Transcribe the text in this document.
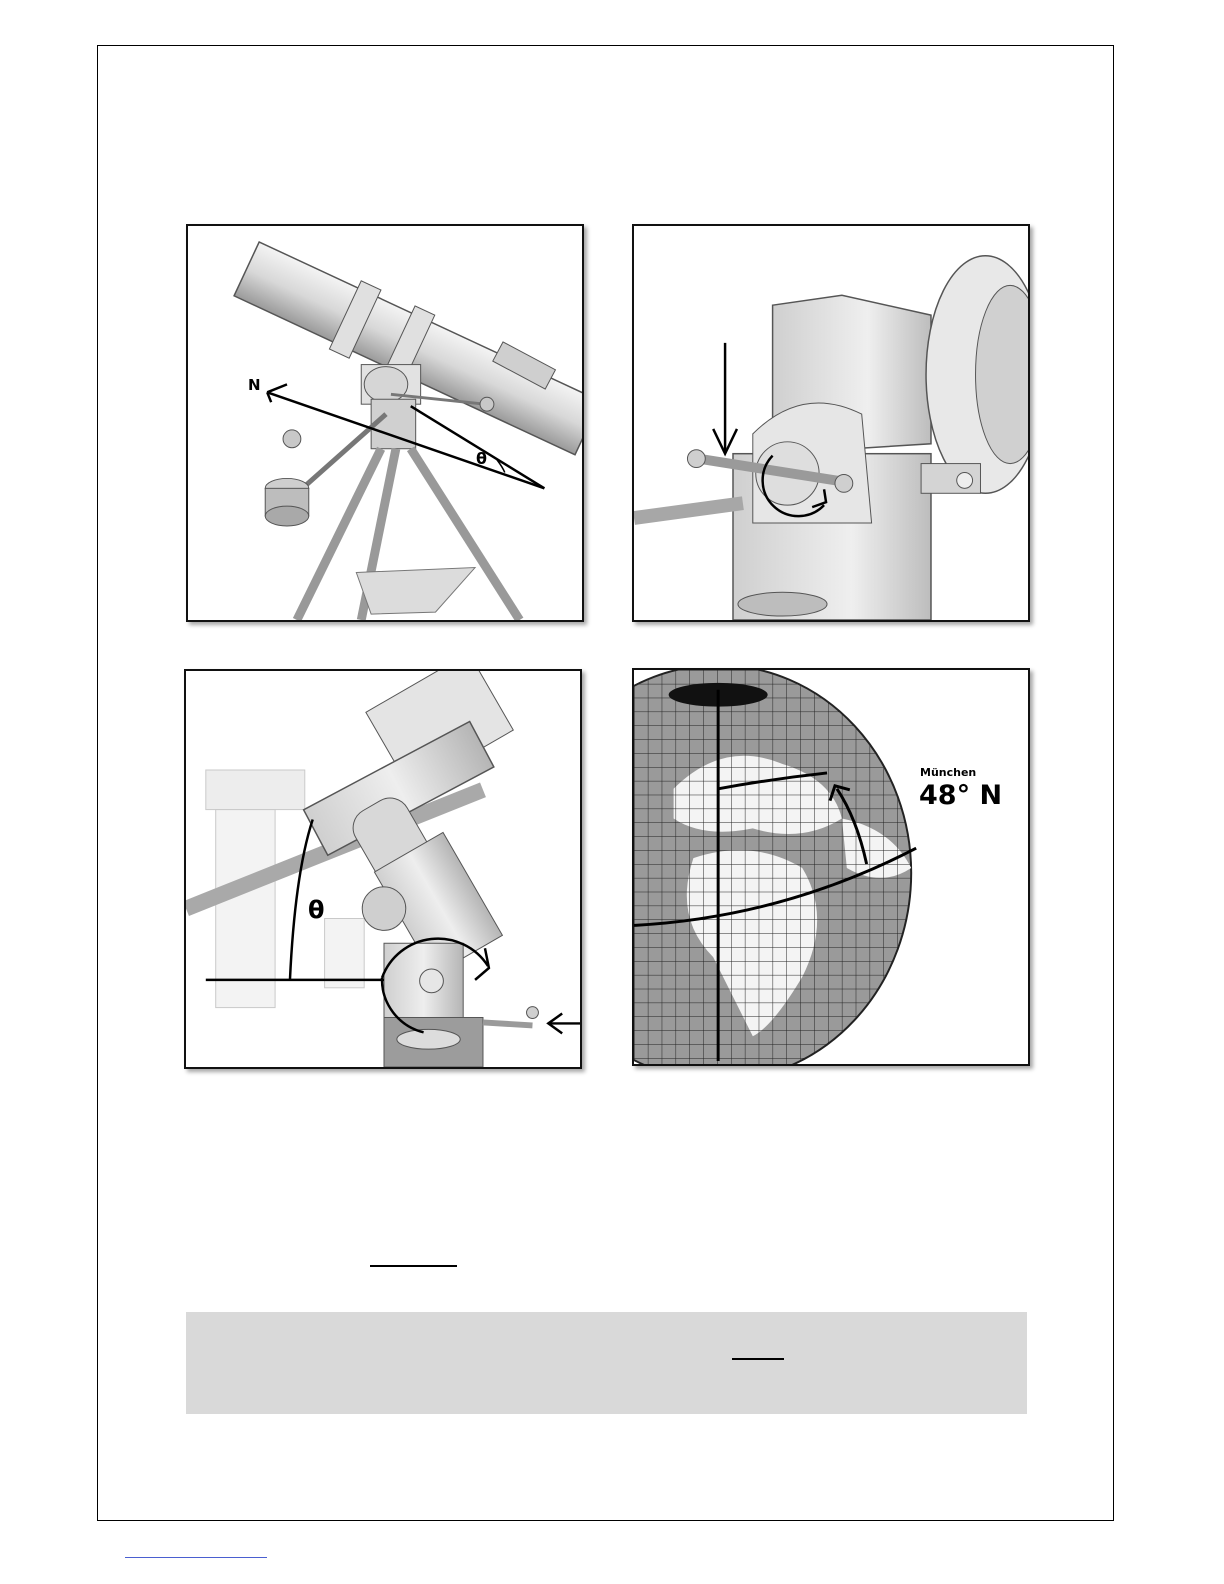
N
θ
θ
München
48° N
